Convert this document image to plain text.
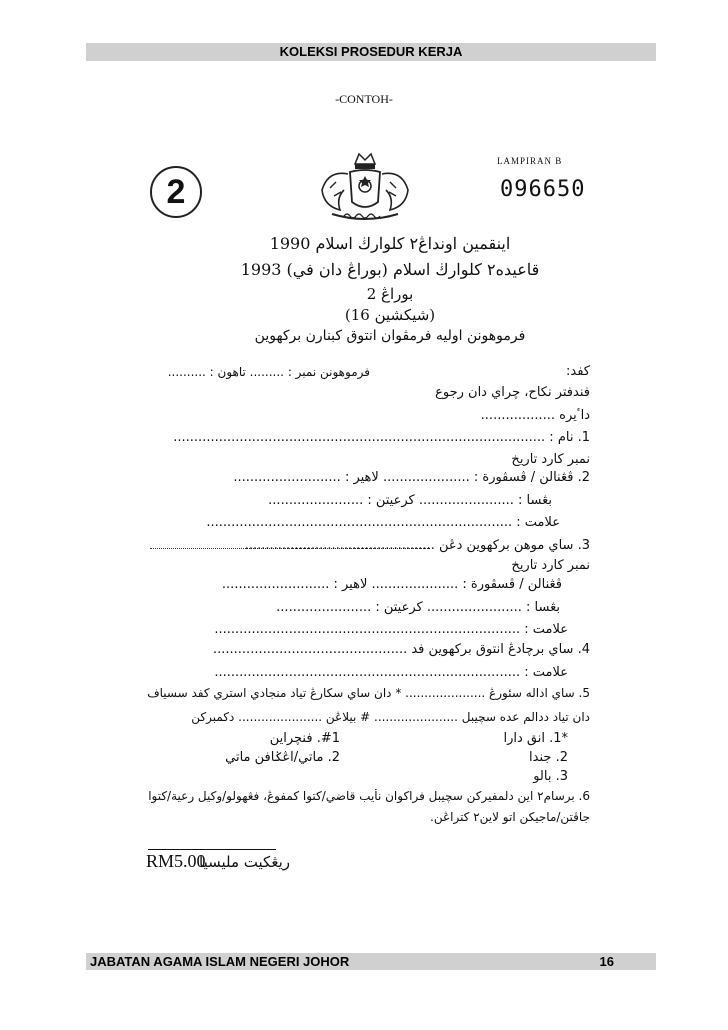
KOLEKSI PROSEDUR KERJA
-CONTOH-
2
LAMPIRAN B
096650
اينقمين اونداڠ٢ كلوارڬ اسلام 1990
قاعيده٢ كلوارڬ اسلام (بوراڠ دان في) 1993
بوراڠ 2
(شيكشين 16)
فرموهونن اوليه فرمڤوان انتوق كبنارن بركهوين
فرموهونن نمبر : ......... تاهون : ..........	كفد:
فندفتر نكاح، چراي دان رجوع
داٴيره ..................
1. نام : ..........................................................................................
نمبر كارد تاريخ
2. ڤڠنالن / ڤسڤورة : ..................... لاهير : ..........................
بڠسا : ....................... كرعيتن : .......................
علامت : ..........................................................................
3. ساي موهن بركهوين دڠن ..............................................
نمبر كارد تاريخ
ڤڠنالن / ڤسڤورة : ..................... لاهير : ..........................
بڠسا : ....................... كرعيتن : .......................
علامت : ..........................................................................
4. ساي برچادڠ انتوق بركهوين فد ...............................................
علامت : ..........................................................................
5. ساي اداله سئورڠ ..................... * دان ساي سكارڠ تياد منجادي استري كفد سسياف
دان تياد ددالم عده سچيبل ...................... # بيلاڠن ...................... دكمبركن
*1. انق دارا
2. جندا
3. بالو
#1. فنچراين
2. ماتي/اڠݢافن ماتي
6. برسام٢ اين دلمفيركن سچيبل فراكوان نأيب قاضي/كتوا كمفوڠ، فڠهولو/وكيل رعية/كتوا
جاڤتن/ماجيكن اتو لاين٢ كتراڠن.
RM5.00
ريڠكيت مليسيا
JABATAN AGAMA ISLAM NEGERI JOHOR	16
